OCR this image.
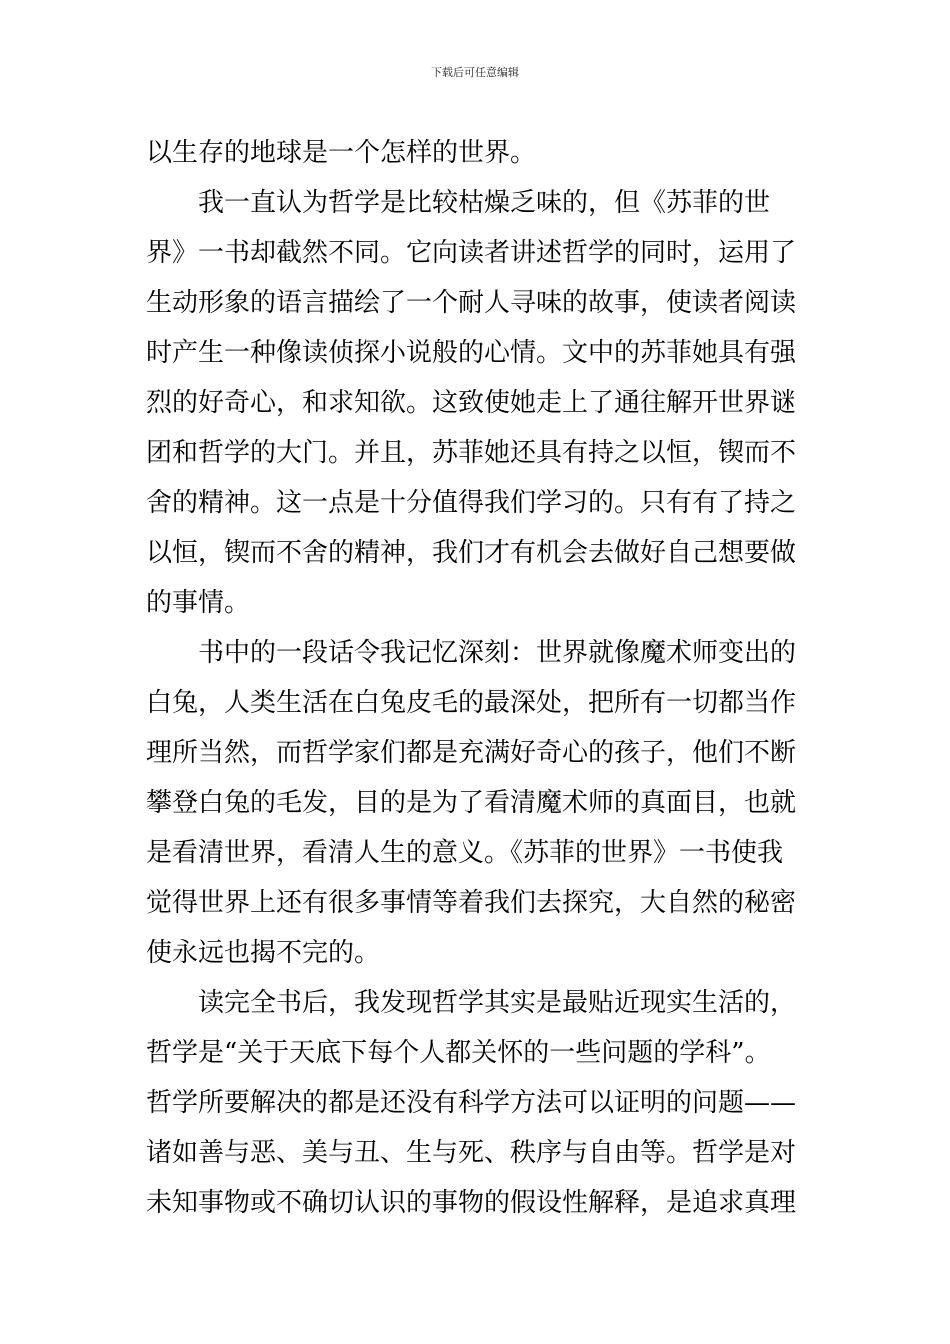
下载后可任意编辑
以生存的地球是一个怎样的世界。
我一直认为哲学是比较枯燥乏味的，但《苏菲的世
界》一书却截然不同。它向读者讲述哲学的同时，运用了
生动形象的语言描绘了一个耐人寻味的故事，使读者阅读
时产生一种像读侦探小说般的心情。文中的苏菲她具有强
烈的好奇心，和求知欲。这致使她走上了通往解开世界谜
团和哲学的大门。并且，苏菲她还具有持之以恒，锲而不
舍的精神。这一点是十分值得我们学习的。只有有了持之
以恒，锲而不舍的精神，我们才有机会去做好自己想要做
的事情。
书中的一段话令我记忆深刻：世界就像魔术师变出的
白兔，人类生活在白兔皮毛的最深处，把所有一切都当作
理所当然，而哲学家们都是充满好奇心的孩子，他们不断
攀登白兔的毛发，目的是为了看清魔术师的真面目，也就
是看清世界，看清人生的意义。《苏菲的世界》一书使我
觉得世界上还有很多事情等着我们去探究，大自然的秘密
使永远也揭不完的。
读完全书后，我发现哲学其实是最贴近现实生活的，
哲学是“关于天底下每个人都关怀的一些问题的学科”。
哲学所要解决的都是还没有科学方法可以证明的问题——
诸如善与恶、美与丑、生与死、秩序与自由等。哲学是对
未知事物或不确切认识的事物的假设性解释，是追求真理
